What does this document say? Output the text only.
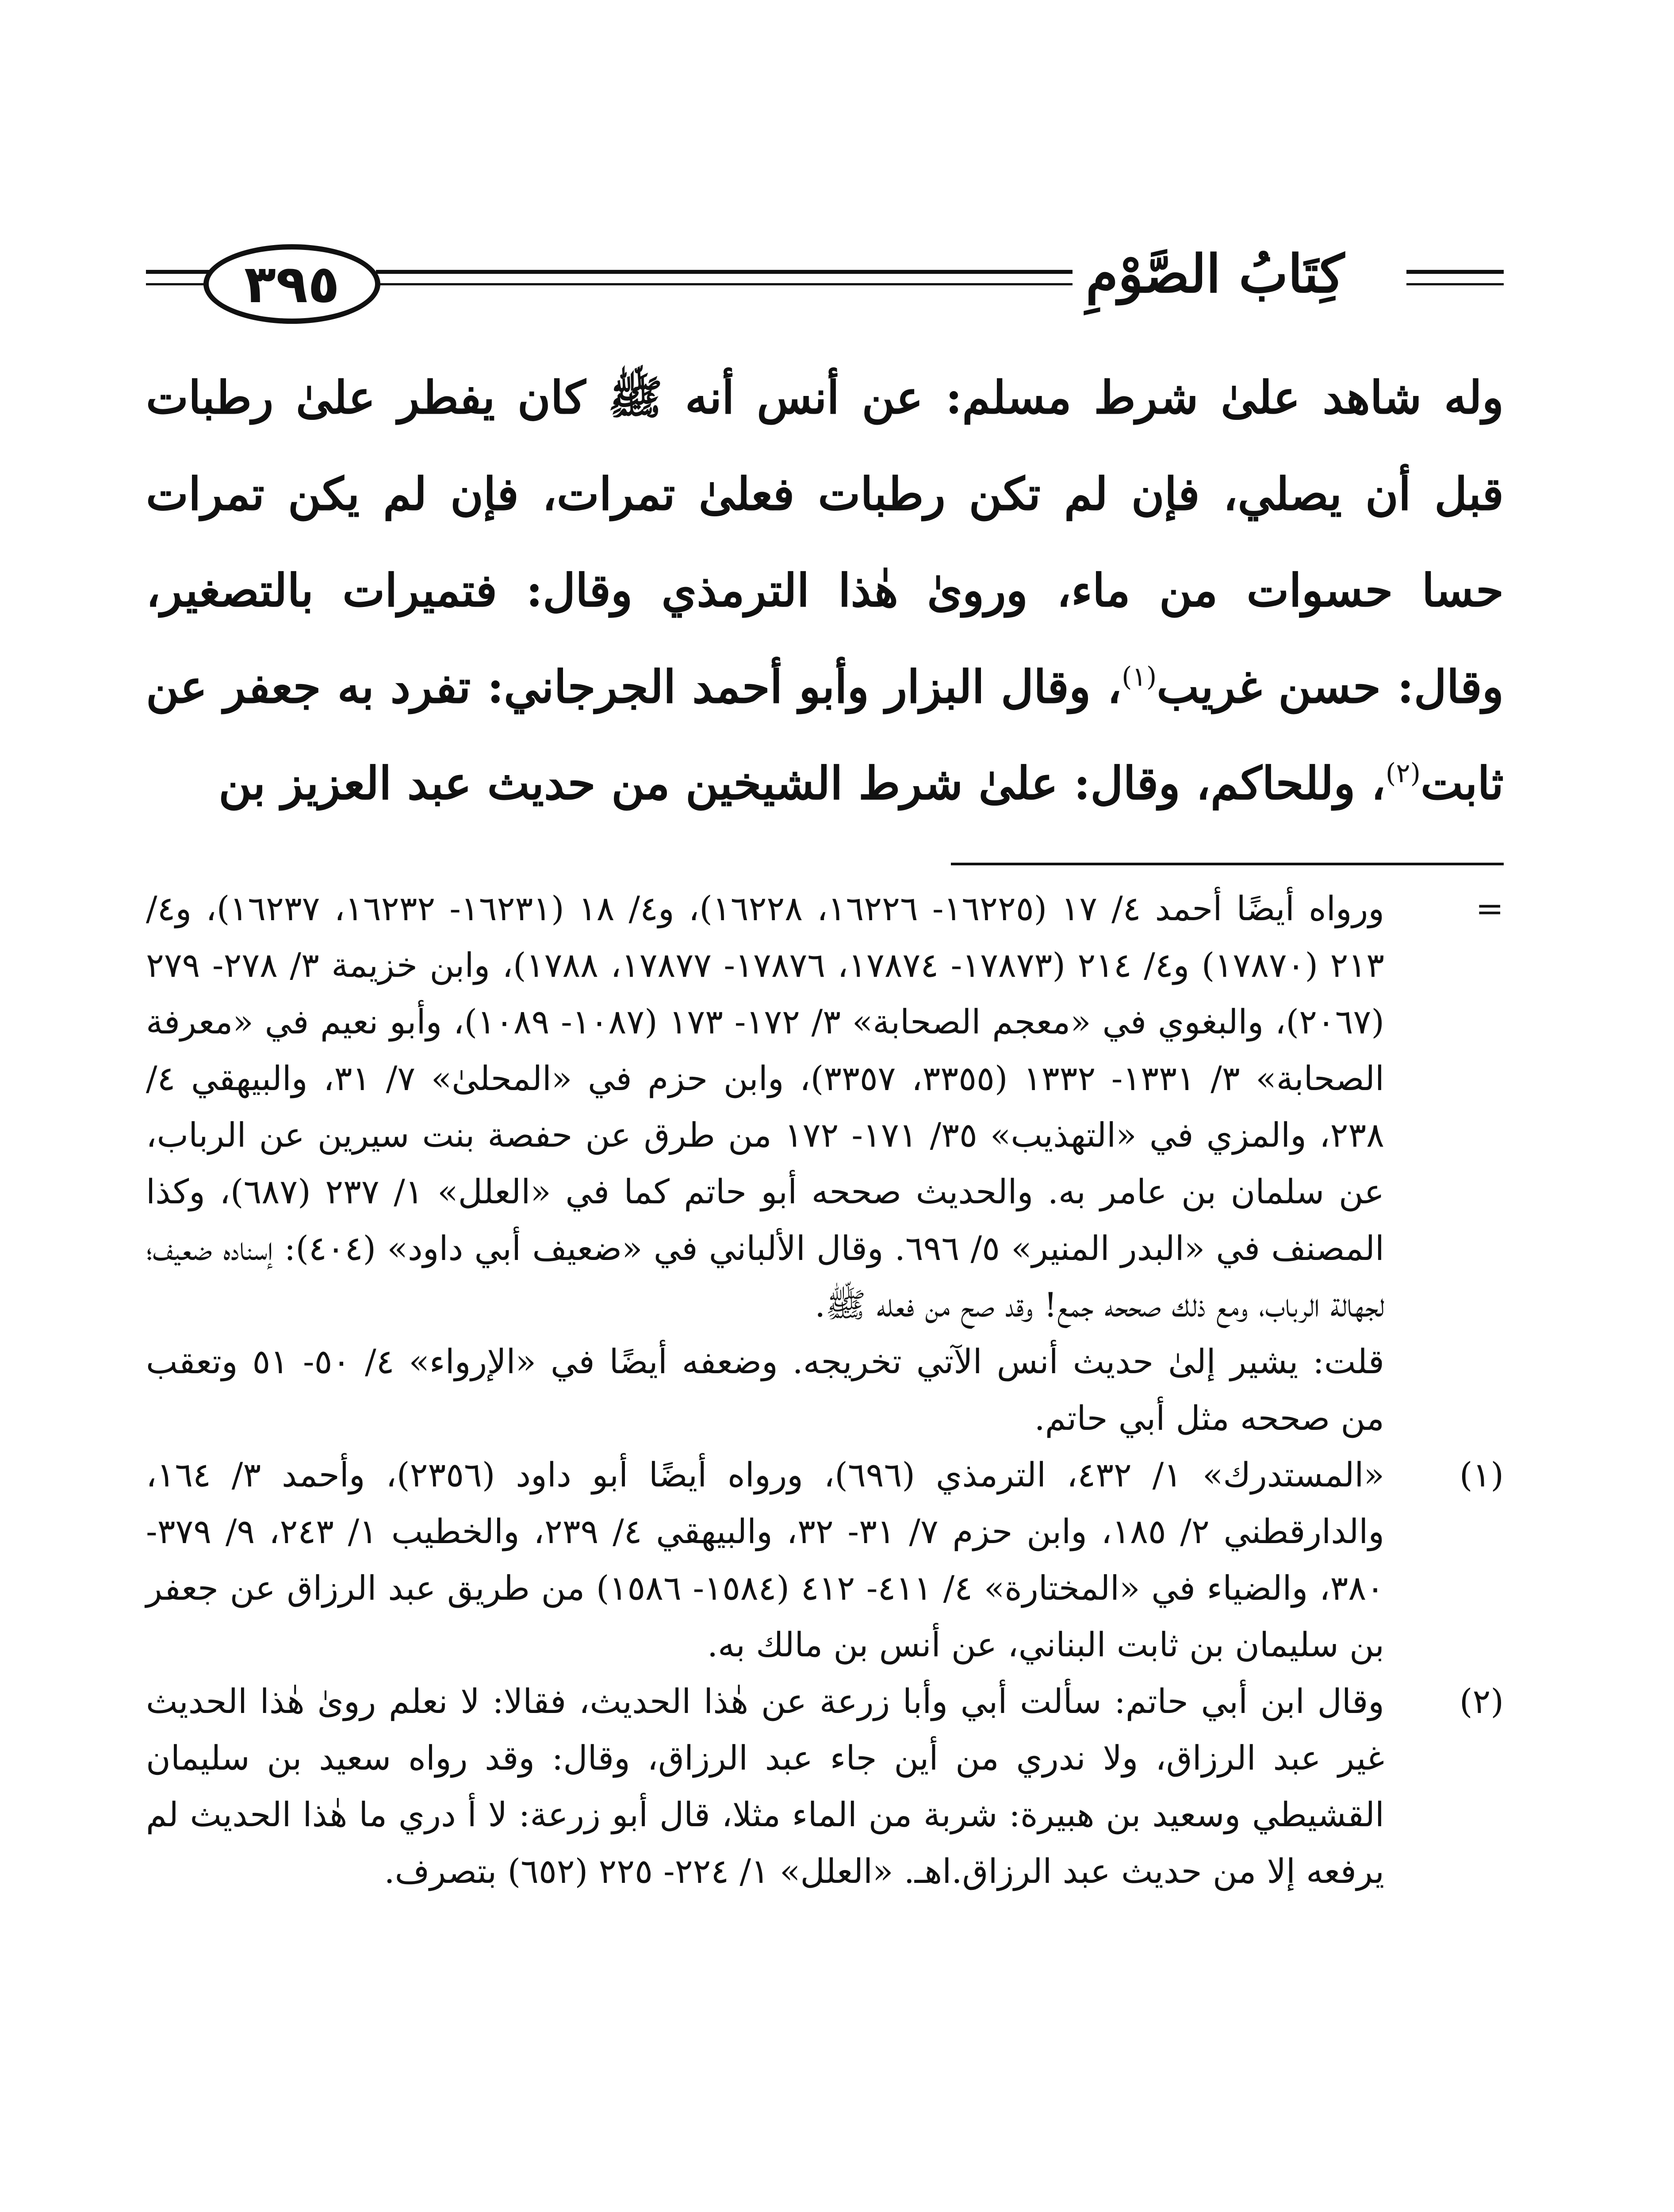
٣٩٥	كِتَابُ الصَّوْمِ
وله شاهد علىٰ شرط مسلم: عن أنس أنه ﷺ كان يفطر علىٰ رطبات قبل أن يصلي، فإن لم تكن رطبات فعلىٰ تمرات، فإن لم يكن تمرات حسا حسوات من ماء، ورویٰ هٰذا الترمذي وقال: فتميرات بالتصغير، وقال: حسن غريب$^{(١)}$، وقال البزار وأبو أحمد الجرجاني: تفرد به جعفر عن ثابت$^{(٢)}$، وللحاكم، وقال: علىٰ شرط الشيخين من حديث عبد العزيز بن
=

ورواه أيضًا أحمد ٤/ ١٧ (١٦٢٢٥- ١٦٢٢٦، ١٦٢٢٨)، و٤/ ١٨ (١٦٢٣١- ١٦٢٣٢، ١٦٢٣٧)، و٤/ ٢١٣ (١٧٨٧٠) و٤/ ٢١٤ (١٧٨٧٣- ١٧٨٧٤، ١٧٨٧٦- ١٧٨٧٧، ١٧٨٨)، وابن خزيمة ٣/ ٢٧٨- ٢٧٩ (٢٠٦٧)، والبغوي في «معجم الصحابة» ٣/ ١٧٢- ١٧٣ (١٠٨٧- ١٠٨٩)، وأبو نعيم في «معرفة الصحابة» ٣/ ١٣٣١- ١٣٣٢ (٣٣٥٥، ٣٣٥٧)، وابن حزم في «المحلىٰ» ٧/ ٣١، والبيهقي ٤/ ٢٣٨، والمزي في «التهذيب» ٣٥/ ١٧١- ١٧٢ من طرق عن حفصة بنت سيرين عن الرباب، عن سلمان بن عامر به. والحديث صححه أبو حاتم كما في «العلل» ١/ ٢٣٧ (٦٨٧)، وكذا المصنف في «البدر المنير» ٥/ ٦٩٦. وقال الألباني في «ضعيف أبي داود» (٤٠٤): إسناده ضعيف؛ لجهالة الرباب، ومع ذلك صححه جمع! وقد صح من فعله ﷺ.

قلت: يشير إلىٰ حديث أنس الآتي تخريجه. وضعفه أيضًا في «الإرواء» ٤/ ٥٠- ٥١ وتعقب من صححه مثل أبي حاتم.

(١)

«المستدرك» ١/ ٤٣٢، الترمذي (٦٩٦)، ورواه أيضًا أبو داود (٢٣٥٦)، وأحمد ٣/ ١٦٤، والدارقطني ٢/ ١٨٥، وابن حزم ٧/ ٣١- ٣٢، والبيهقي ٤/ ٢٣٩، والخطيب ١/ ٢٤٣، ٩/ ٣٧٩- ٣٨٠، والضياء في «المختارة» ٤/ ٤١١- ٤١٢ (١٥٨٤- ١٥٨٦) من طريق عبد الرزاق عن جعفر بن سليمان بن ثابت البناني، عن أنس بن مالك به.

(٢)

وقال ابن أبي حاتم: سألت أبي وأبا زرعة عن هٰذا الحديث، فقالا: لا نعلم رویٰ هٰذا الحديث غير عبد الرزاق، ولا ندري من أين جاء عبد الرزاق، وقال: وقد رواه سعيد بن سليمان القشيطي وسعيد بن هبيرة: شربة من الماء مثلا، قال أبو زرعة: لا أ دري ما هٰذا الحديث لم يرفعه إلا من حديث عبد الرزاق.اهـ. «العلل» ١/ ٢٢٤- ٢٢٥ (٦٥٢) بتصرف.
